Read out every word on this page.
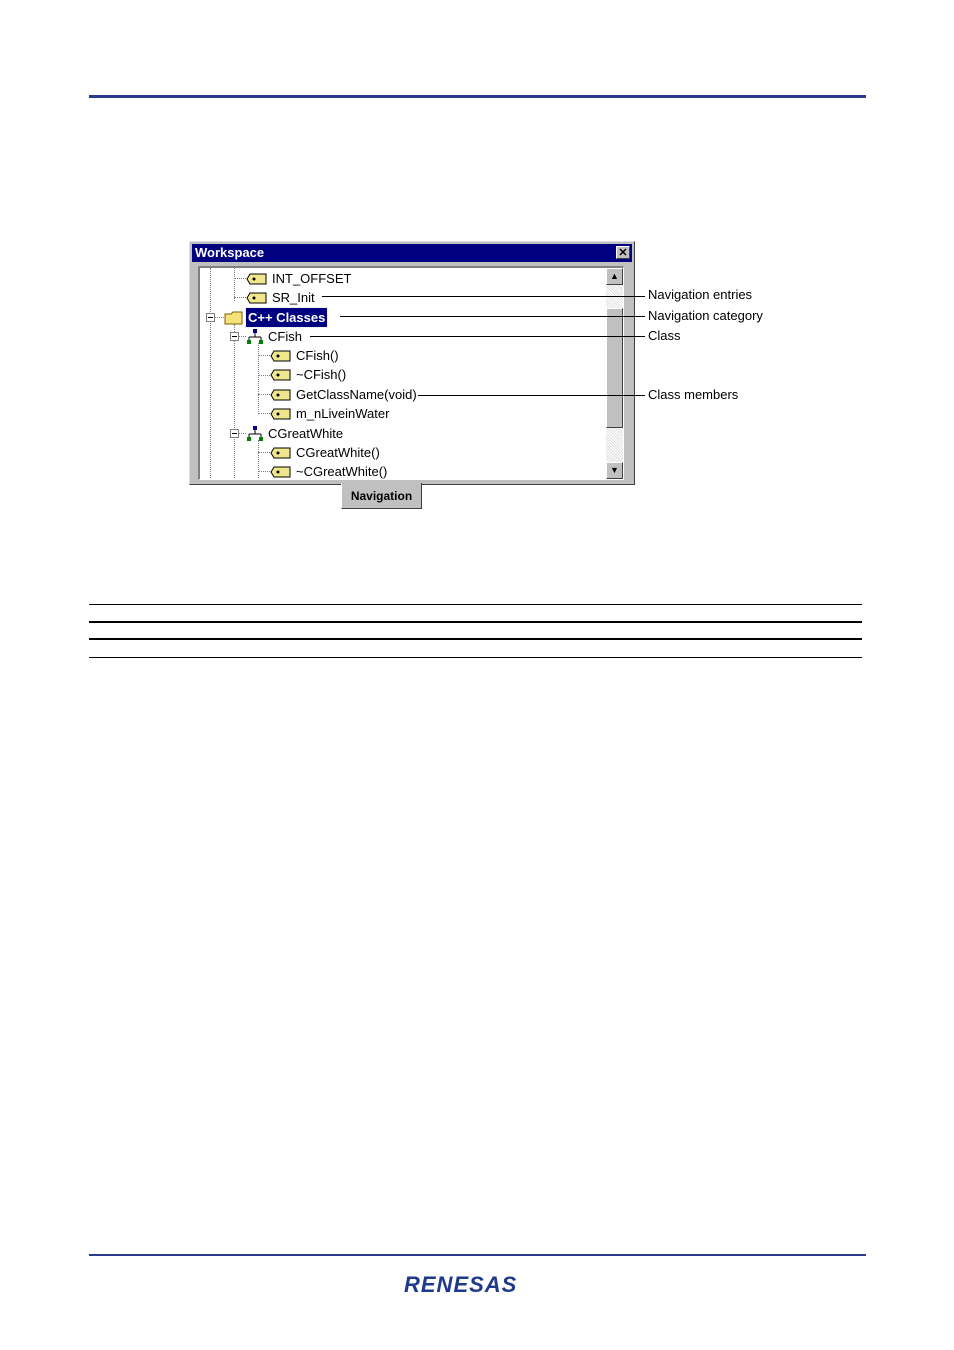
Workspace	✕
INT_OFFSET
SR_Init
C++ Classes
CFish
CFish()
~CFish()
GetClassName(void)
m_nLiveinWater
CGreatWhite
CGreatWhite()
~CGreatWhite()
▲
▼
Navigation
Navigation entries
Navigation category
Class
Class members
RENESAS
